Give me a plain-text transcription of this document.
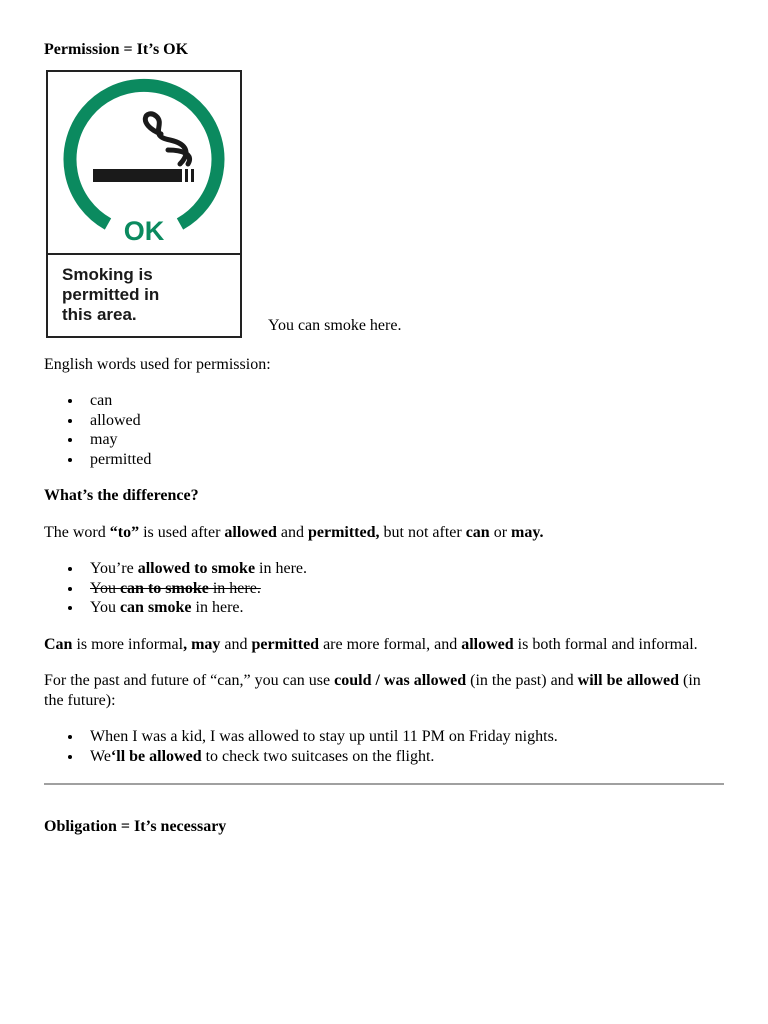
Permission = It’s OK

OK
Smoking is
permitted in
this area.

You can smoke here.

English words used for permission:

can
allowed
may
permitted

What’s the difference?

The word “to” is used after allowed and permitted, but not after can or may.

You’re allowed to smoke in here.
You can to smoke in here.
You can smoke in here.

Can is more informal, may and permitted are more formal, and allowed is both formal and informal.

For the past and future of “can,” you can use could / was allowed (in the past) and will be allowed (in the future):

When I was a kid, I was allowed to stay up until 11 PM on Friday nights.
We‘ll be allowed to check two suitcases on the flight.

Obligation = It’s necessary
